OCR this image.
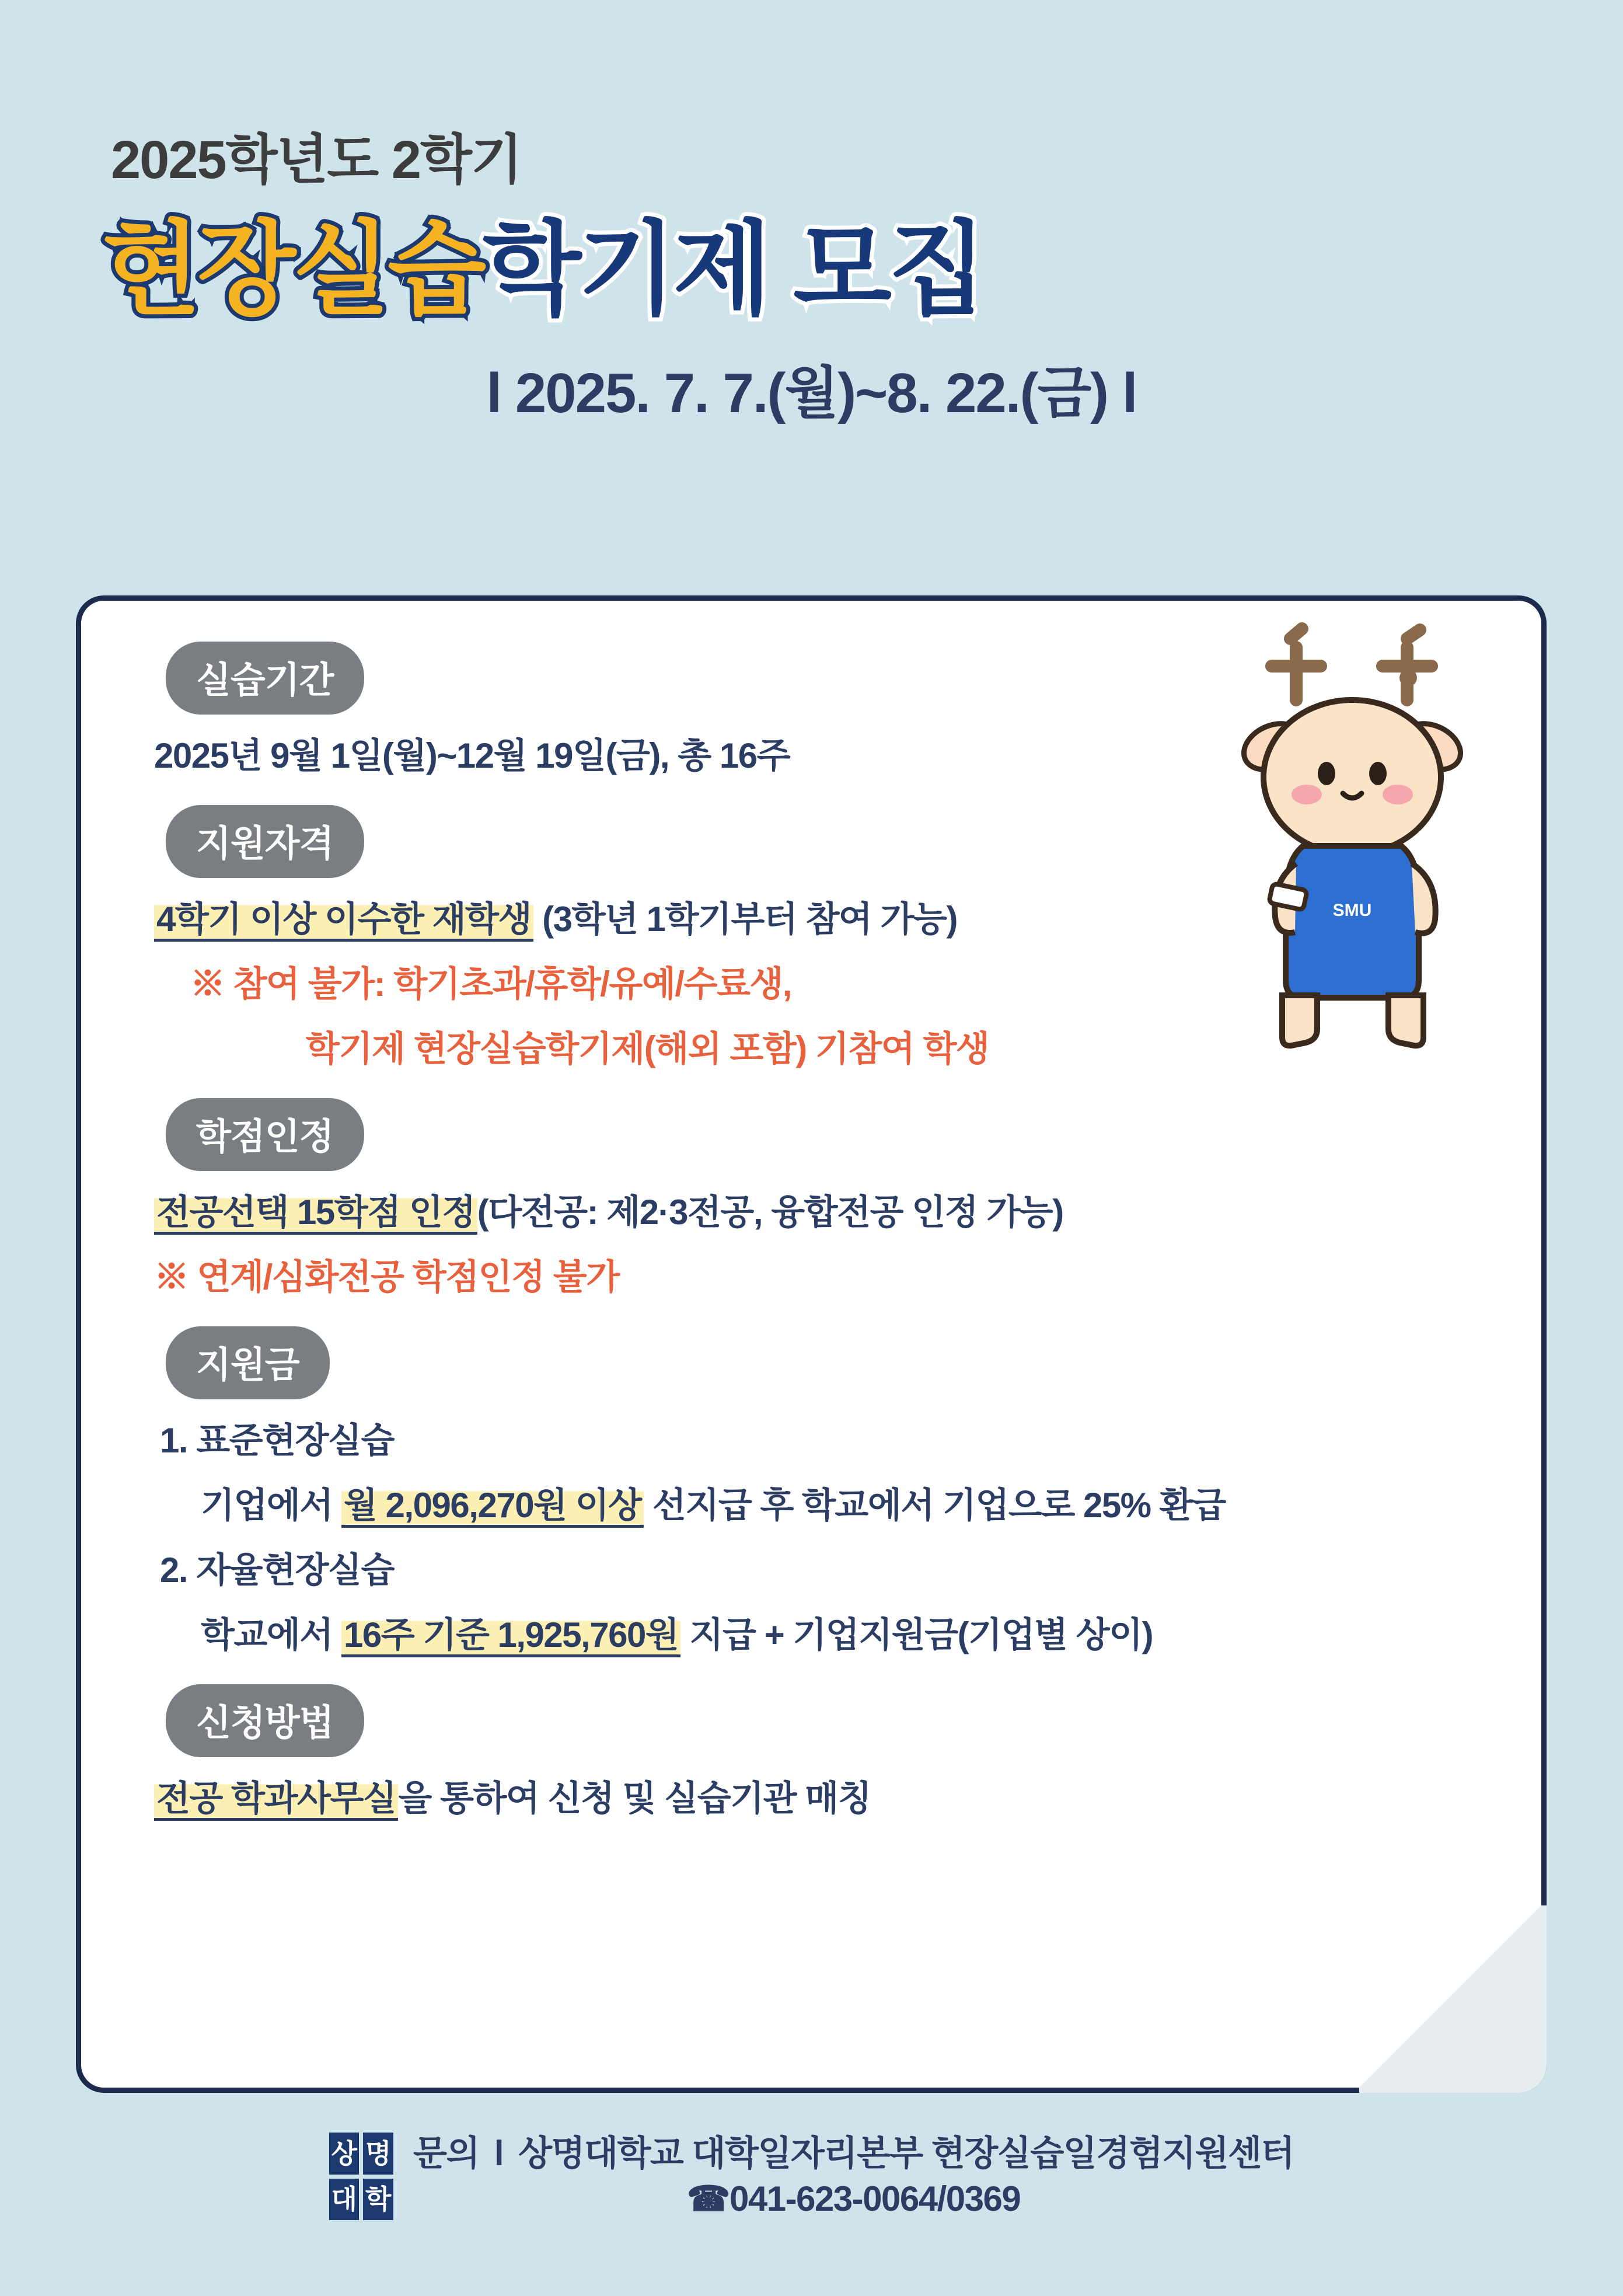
2025학년도 2학기
현장실습학기제 모집
l 2025. 7. 7.(월)~8. 22.(금) l
SMU
실습기간
2025년 9월 1일(월)~12월 19일(금), 총 16주
지원자격
4학기 이상 이수한 재학생 (3학년 1학기부터 참여 가능)
※ 참여 불가: 학기초과/휴학/유예/수료생,
학기제 현장실습학기제(해외 포함) 기참여 학생
학점인정
전공선택 15학점 인정(다전공: 제2·3전공, 융합전공 인정 가능)
※ 연계/심화전공 학점인정 불가
지원금
1. 표준현장실습
기업에서 월 2,096,270원 이상 선지급 후 학교에서 기업으로 25% 환급
2. 자율현장실습
학교에서 16주 기준 1,925,760원 지급 + 기업지원금(기업별 상이)
신청방법
전공 학과사무실을 통하여 신청 및 실습기관 매칭
상 명
대 학
문의 l 상명대학교 대학일자리본부 현장실습일경험지원센터
☎041-623-0064/0369
